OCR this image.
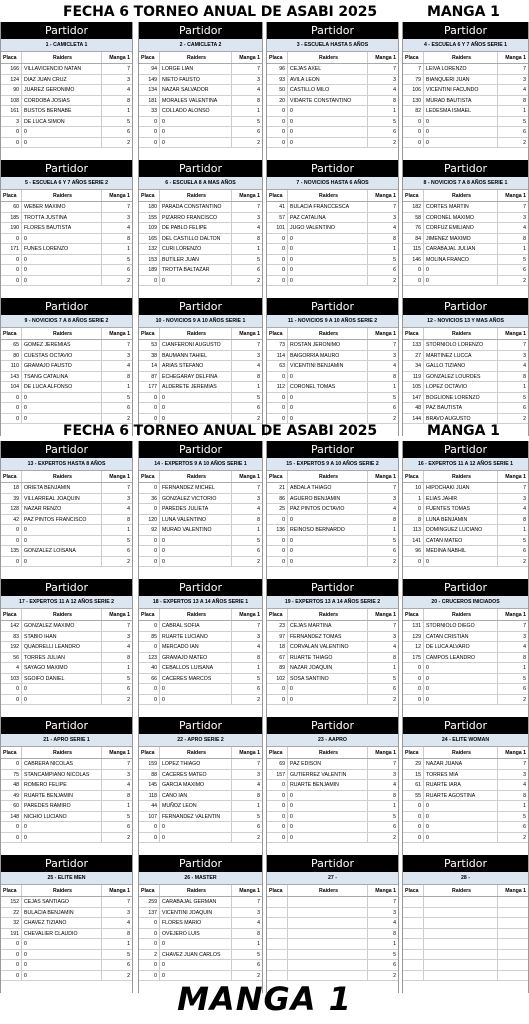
FECHA 6 TORNEO ANUAL DE ASABI 2025	MANGA 1
Partidor
1 - CAMICLETA 1
Placa	Raiders	Manga 1
166 VILLAVICENCIO NATAN	7
124 DIAZ JUAN CRUZ	3
90 JUAREZ GERONIMO	4
108 CORDOBA JOSIAS	8
161 BUSTOS BERNABE	1
3 DE LUCA SIMON	5
0 0	6
0 0	2
Partidor
2 - CAMICLETA 2
Placa	Raiders	Manga 1
94 LORGE LIAN	7
149 NIETO FAUSTO	3
134 NAZAR SALVADOR	4
181 MORALES VALENTINA	8
33 COLLADO ALONSO	1
0 0	5
0 0	6
0 0	2
Partidor
3 - ESCUELA HASTA 5 AÑOS
Placa	Raiders	Manga 1
96 CEJAS AXEL	7
93 AVILA LEON	3
50 CASTILLO MILO	4
20 VIDARTE CONSTANTINO	8
0 0	1
0 0	5
0 0	6
0 0	2
Partidor
4 - ESCUELA 6 Y 7 AÑOS SERIE 1
Placa	Raiders	Manga 1
7 LEIVA LORENZO	7
79 BIANQUERI JUAN	3
106 VICENTINI FACUNDO	4
130 MURAD BAUTISTA	8
82 LEDESMA ISMAEL	1
0 0	5
0 0	6
0 0	2
Partidor
5 - ESCUELA 6 Y 7 AÑOS SERIE 2
Placa	Raiders	Manga 1
60 WEBER MAXIMO	7
185 TROTTA JUSTINA	3
190 FLORES BAUTISTA	4
0 0	8
171 FUNES LORENZO	1
0 0	5
0 0	6
0 0	2
Partidor
6 - ESCUELA 8 A MAS AÑOS
Placa	Raiders	Manga 1
180 PARADA CONSTANTINO	7
155 PIZARRO FRANCISCO	3
109 DE PABLO FELIPE	4
165 DEL CASTILLO DALTON	8
132 CURI LORENZO	1
153 BUTILER JUAN	5
189 TROTTA BALTAZAR	6
0 0	2
Partidor
7 - NOVICIOS HASTA 6 AÑOS
Placa	Raiders	Manga 1
41 BULACIA FRANCCESCA	7
57 PAZ CATALINA	3
101 JUGO VALENTINO	4
0 0	8
0 0	1
0 0	5
0 0	6
0 0	2
Partidor
8 - NOVICIOS 7 A 8 AÑOS SERIE 1
Placa	Raiders	Manga 1
182 CORTES MARTIN	7
58 CORONEL MAXIMO	3
76 CORFUZ EMILIANO	4
84 JIMENEZ MAXIMO	8
115 CARABAJAL JULIAN	1
146 MOLINA FRANCO	5
0 0	6
0 0	2
Partidor
9 - NOVICIOS 7 A 8 AÑOS SERIE 2
Placa	Raiders	Manga 1
65 GOMEZ JEREMIAS	7
80 CUESTAS OCTAVIO	3
110 GRAMAJO FAUSTO	4
143 TSANG CATALINA	8
104 DE LUCA ALFONSO	1
0 0	5
0 0	6
0 0	2
Partidor
10 - NOVICIOS 9 A 10 AÑOS SERIE 1
Placa	Raiders	Manga 1
53 CIANFERONI AUGUSTO	7
38 BAUMANN TAHIEL	3
14 ARIAS STEFANO	4
87 ECHEGARAY DELFINA	8
177 ALDERETE JEREMIAS	1
0 0	5
0 0	6
0 0	2
Partidor
11 - NOVICIOS 9 A 10 AÑOS SERIE 2
Placa	Raiders	Manga 1
73 ROSTAN JERONIMO	7
114 BAIGORRIA MAURO	3
63 VICENTINI BENJAMIN	4
0 0	8
112 CORONEL TOMAS	1
0 0	5
0 0	6
0 0	2
Partidor
12 - NOVICIOS 13 Y MAS AÑOS
Placa	Raiders	Manga 1
133 STORNIOLO LORENZO	7
27 MARTINEZ LUCCA	3
34 GALLO TIZIANO	4
119 GONZALEZ LOURDES	8
105 LOPEZ OCTAVIO	1
147 BOGLIONE LORENZO	5
48 PAZ BAUTISTA	6
144 BRAVO AUGUSTO	2
FECHA 6 TORNEO ANUAL DE ASABI 2025	MANGA 1
Partidor
13 - EXPERTOS HASTA 8 AÑOS
Placa	Raiders	Manga 1
18 ORIETA BENJAMIN	7
39 VILLARREAL JOAQUIN	3
128 NAZAR RENZO	4
42 PAZ PINTOS FRANCISCO	8
0 0	1
0 0	5
135 GONZALEZ LOISANA	6
0 0	2
Partidor
14 - EXPERTOS 9 A 10 AÑOS SERIE 1
Placa	Raiders	Manga 1
0 FERNANDEZ MICHEL	7
36 GONZALEZ VICTORIO	3
0 PAREDES JULIETA	4
120 LUNA VALENTINO	8
92 MURAD VALENTINO	1
0 0	5
0 0	6
0 0	2
Partidor
15 - EXPERTOS 9 A 10 AÑOS SERIE 2
Placa	Raiders	Manga 1
21 ABDALA THIAGO	7
86 AGUERO BENJAMIN	3
25 PAZ PINTOS OCTAVIO	4
0 0	8
136 REINOSO BERNARDO	1
0 0	5
0 0	6
0 0	2
Partidor
16 - EXPERTOS 11 A 12 AÑOS SERIE 1
Placa	Raiders	Manga 1
10 HIPOCHAKI JUAN	7
1 ELIAS JAHIR	3
0 FUENTES TOMAS	4
8 LUNA BENJAMIN	8
113 DOMINGUEZ LUCIANO	1
141 CATAN MATEO	5
96 MEDINA NABHIL	6
0 0	2
Partidor
17 - EXPERTOS 11 A 12 AÑOS SERIE 2
Placa	Raiders	Manga 1
142 GONZALEZ MAXIMO	7
83 STABIO IHAN	3
192 QUADRELLI LEANDRO	4
56 TORRES JULIAN	8
4 SAYAGO MAXIMO	1
103 SGOIFO DANIEL	5
0 0	6
0 0	2
Partidor
18 - EXPERTOS 13 A 14 AÑOS SERIE 1
Placa	Raiders	Manga 1
0 CABRAL SOFIA	7
85 RUARTE LUCIANO	3
0 MERCADO IAN	4
123 GRAMAJO MATEO	8
40 CEBALLOS LUISANA	1
66 CACERES MARCOS	5
0 0	6
0 0	2
Partidor
19 - EXPERTOS 13 A 14 AÑOS SERIE 2
Placa	Raiders	Manga 1
23 CEJAS MARTINA	7
97 FERNANDEZ TOMAS	3
18 CORVALAN VALENTINO	4
67 RUARTE THIAGO	8
89 NAZAR JOAQUIN	1
102 SOSA SANTINO	5
0 0	6
0 0	2
Partidor
20 - CRUCEROS INICIADOS
Placa	Raiders	Manga 1
131 STORNIOLO DIEGO	7
129 CATAN CRISTIAN	3
12 DE LUCA ALVARO	4
175 CAMPOS LEANDRO	8
0 0	1
0 0	5
0 0	6
0 0	2
Partidor
21 - APRO SERIE 1
Placa	Raiders	Manga 1
0 CABRERA NICOLAS	7
75 STANCAMPIANO NICOLAS	3
48 ROMERO FELIPE	4
49 RUARTE BENJAMIN	8
60 PAREDES RAMIRO	1
148 NICHIO LUCIANO	5
0 0	6
0 0	2
Partidor
22 - APRO SERIE 2
Placa	Raiders	Manga 1
159 LOPEZ THIAGO	7
88 CACERES MATEO	3
145 GARCIA MAXIMO	4
118 CANO IAN	8
44 MUÑOZ LEON	1
107 FERNANDEZ VALENTIN	5
0 0	6
0 0	2
Partidor
23 - AAPRO
Placa	Raiders	Manga 1
69 PAZ EDISON	7
157 GUTIERREZ VALENTIN	3
0 RUARTE BENJAMIN	4
0 0	8
0 0	1
0 0	5
0 0	6
0 0	2
Partidor
24 - ELITE WOMAN
Placa	Raiders	Manga 1
29 NAZAR JUANA	7
15 TORRES MIA	3
61 RUARTE IARA	4
55 RUARTE AGOSTINA	8
0 0	1
0 0	5
0 0	6
0 0	2
Partidor
25 - ELITE MEN
Placa	Raiders	Manga 1
152 CEJAS SANTIAGO	7
22 BULACIA BENJAMIN	3
32 CHAVEZ TIZIANO	4
191 CHEVALIER CLAUDIO	8
0 0	1
0 0	5
0 0	6
0 0	2
Partidor
26 - MASTER
Placa	Raiders	Manga 1
259 CARABAJAL GERMAN	7
137 VICENTINI JOAQUIN	3
0 FLORES MARIO	4
0 OVEJERO LUIS	8
0 0	1
2 CHAVEZ JUAN CARLOS	5
0 0	6
0 0	2
Partidor
27 -
Placa	Raiders	Manga 1
7
3
4
8
1
5
6
2
Partidor
28 -
Placa	Raiders	Manga 1
MANGA 1
